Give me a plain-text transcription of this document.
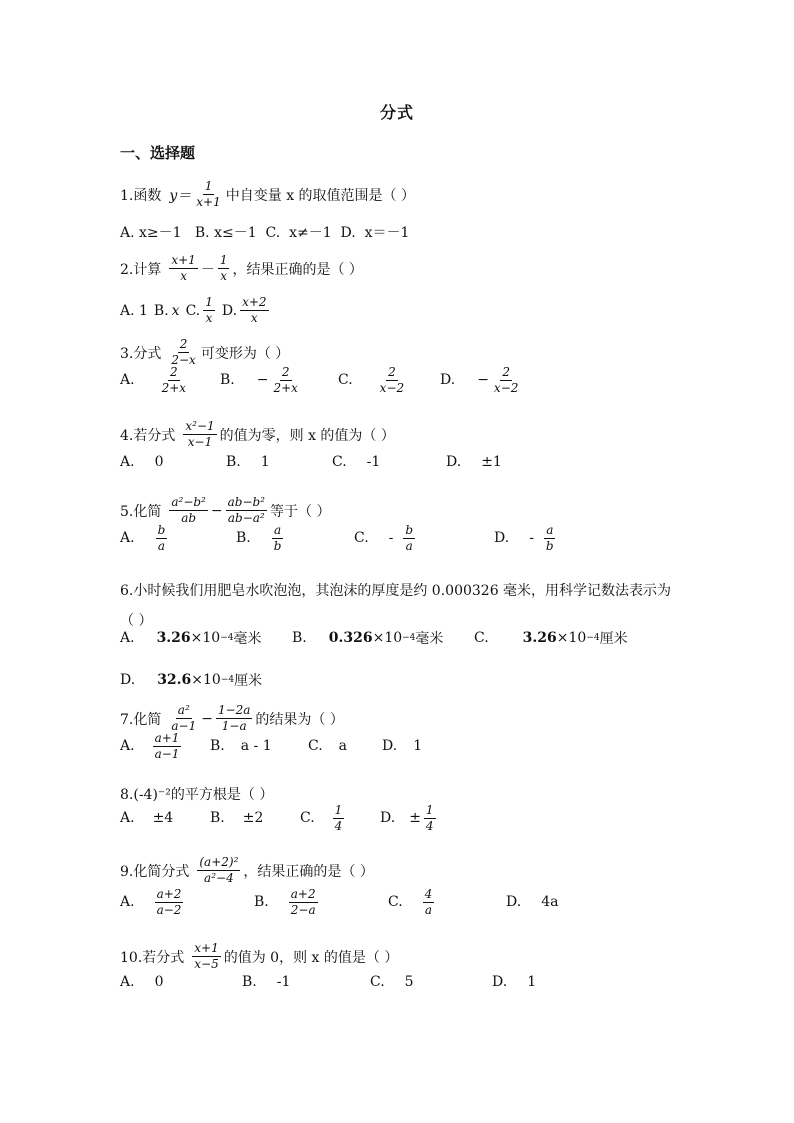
分式
一、选择题
1.函数 $y= \frac{1}{x+1}$ 中自变量 x 的取值范围是（ ）
A. x≥－1   B. x≤－1  C.  x≠－1  D.  x＝－1
2.计算 $\frac{x+1}{x} - \frac{1}{x}$ ，结果正确的是（ ）
A. 1 B. x C. $\frac{1}{x} D$. $\frac{x+2}{x}$
3.分式 $\frac{2}{2-x}$ 可变形为（ ）
A. $\frac{2}{2+x} B$. − $\frac{2}{2+x}$	C. $\frac{2}{x-2} D$. − $\frac{2}{x-2}$
4.若分式 $\frac{\text{x²−1}}{x-1}$ 的值为零，则 x 的值为（ ）
A. 0	B. 1	C. -1	D. ±1
5.化简 $\frac{\text{a²−b²}}{ab} - \frac{\text{ab−b²}}{\text{ab−a²}}$ 等于（ ）
A. $\frac{b}{a}$	B. $\frac{a}{b}$	C. - $\frac{b}{a}$	D. - $\frac{a}{b}$
6.小时候我们用肥皂水吹泡泡，其泡沫的厚度是约 0.000326 毫米，用科学记数法表示为（ ）
A. 3.26 ×10 −4 毫米 B. 0.326 ×10 −4 毫米 C. 3.26 ×10 −4 厘米
D. 32.6 ×10 −4 厘米
7.化简 $\frac{\text{a²}}{a-1} - \frac{1-2a}{1-a}$ 的结果为（ ）
A. $\frac{a+1}{a-1} B$. a - 1	C. a D. 1
8.(-4)⁻²的平方根是（ ）
A. ±4	B. ±2	C. $\frac{1}{4}$	D. ± $\frac{1}{4}$
9.化简分式 $\frac{\text{(a+2)²}}{\text{a²−4}}$ ，结果正确的是（ ）
A. $\frac{a+2}{a-2}$	B. $\frac{a+2}{2-a}$	C. $\frac{4}{a}$	D. 4a
10.若分式 $\frac{x+1}{x-5}$ 的值为 0，则 x 的值是（ ）
A. 0	B. -1	C. 5	D. 1
